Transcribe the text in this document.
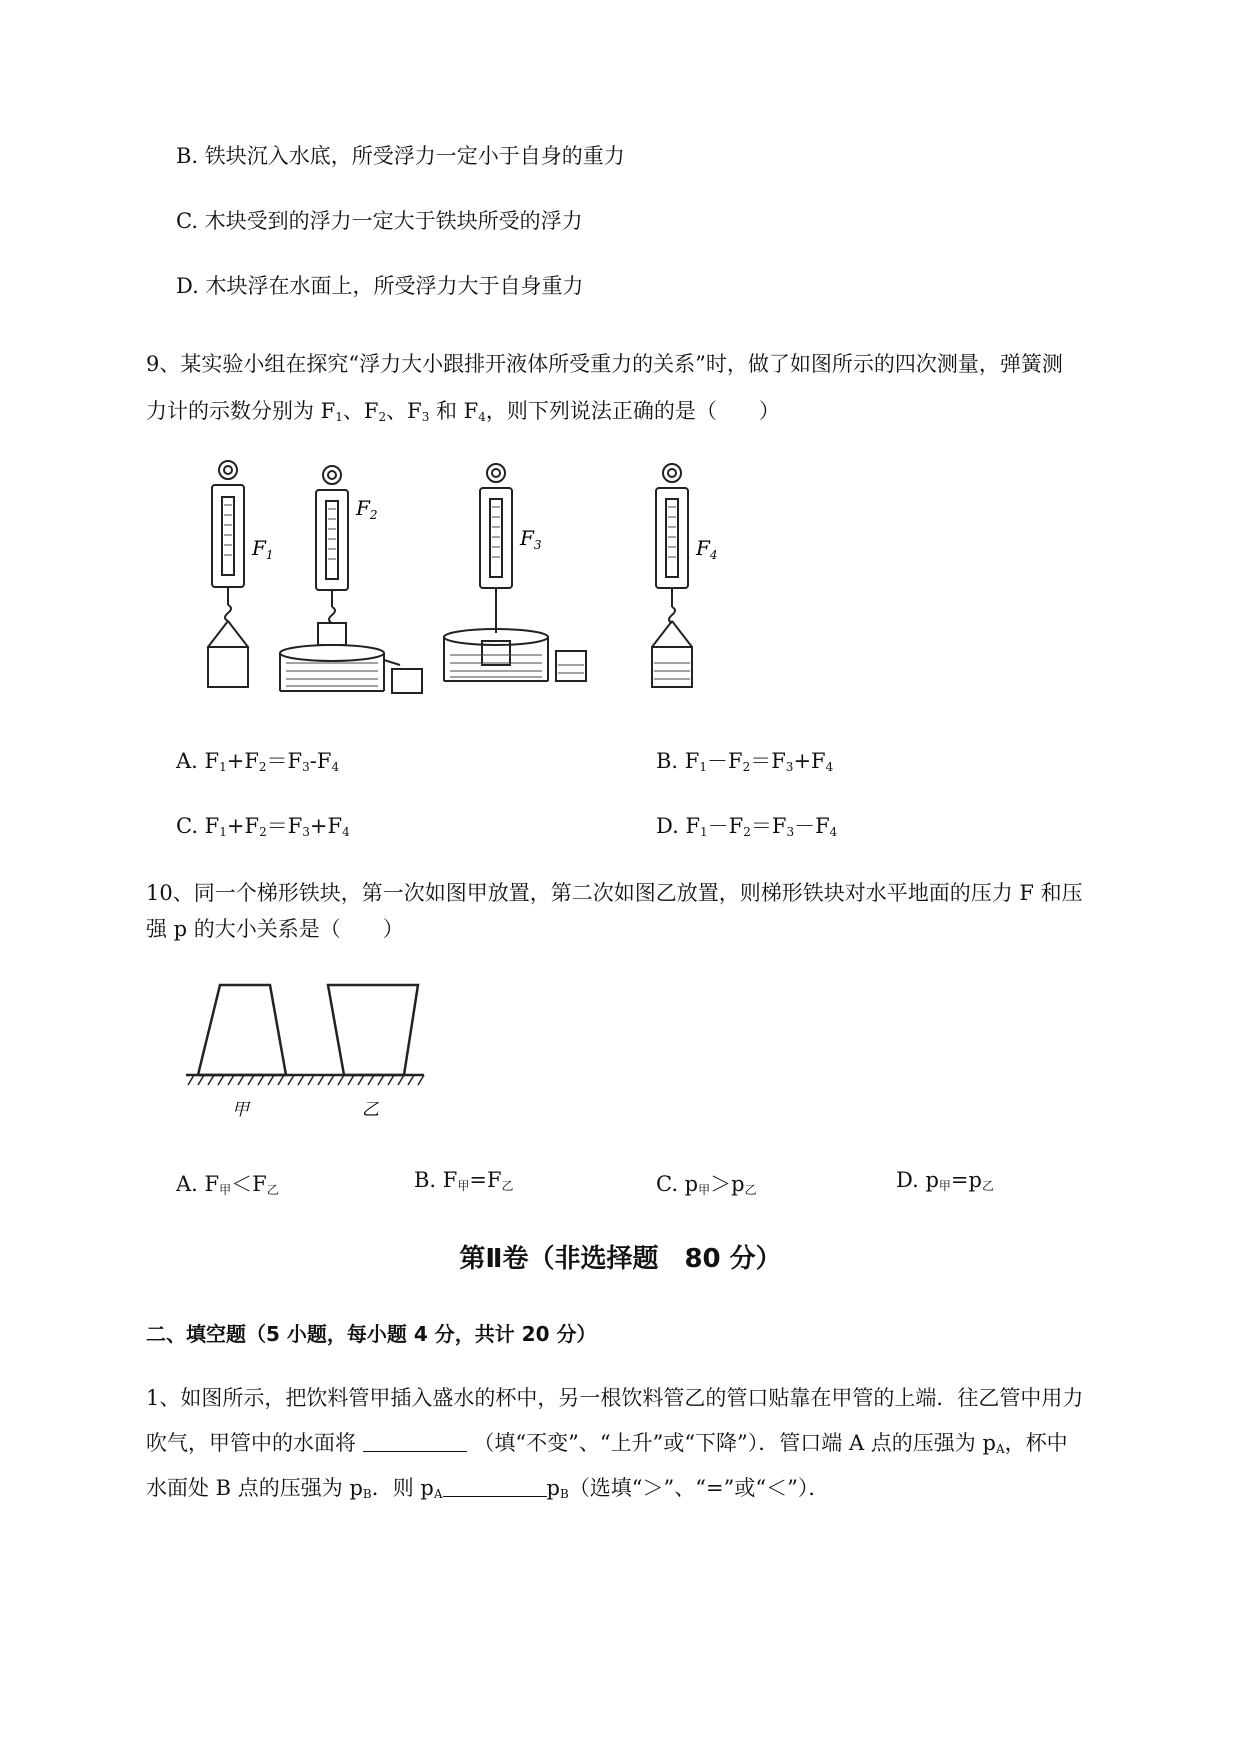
B. 铁块沉入水底，所受浮力一定小于自身的重力
C. 木块受到的浮力一定大于铁块所受的浮力
D. 木块浮在水面上，所受浮力大于自身重力
9、某实验小组在探究“浮力大小跟排开液体所受重力的关系”时，做了如图所示的四次测量，弹簧测
力计的示数分别为 $F_1$、$F_2$、$F_3$ 和 $F_4$，则下列说法正确的是（　　）
$F_1$
$F_2$
$F_3$	$F_4$
A. $F_1+F_2=F_3-F_4$	B. $F_1-F_2=F_3+F_4$
C. $F_1+F_2=F_3+F_4$	D. $F_1-F_2=F_3-F_4$
10、同一个梯形铁块，第一次如图甲放置，第二次如图乙放置，则梯形铁块对水平地面的压力 F 和压
强 p 的大小关系是（　　）
甲	乙
A. F甲＜F乙	B. F甲=F乙	C. p甲＞p乙	D. p甲=p乙
第Ⅱ卷（非选择题　80 分）
二、填空题（5 小题，每小题 4 分，共计 20 分）
1、如图所示，把饮料管甲插入盛水的杯中，另一根饮料管乙的管口贴靠在甲管的上端．往乙管中用力
吹气，甲管中的水面将	（填“不变”、“上升”或“下降”）．管口端 A 点的压强为 $p_A$，杯中
水面处 B 点的压强为 $p_B$．则 $p_A$	$p_B$（选填“＞”、“=”或“＜”）．
